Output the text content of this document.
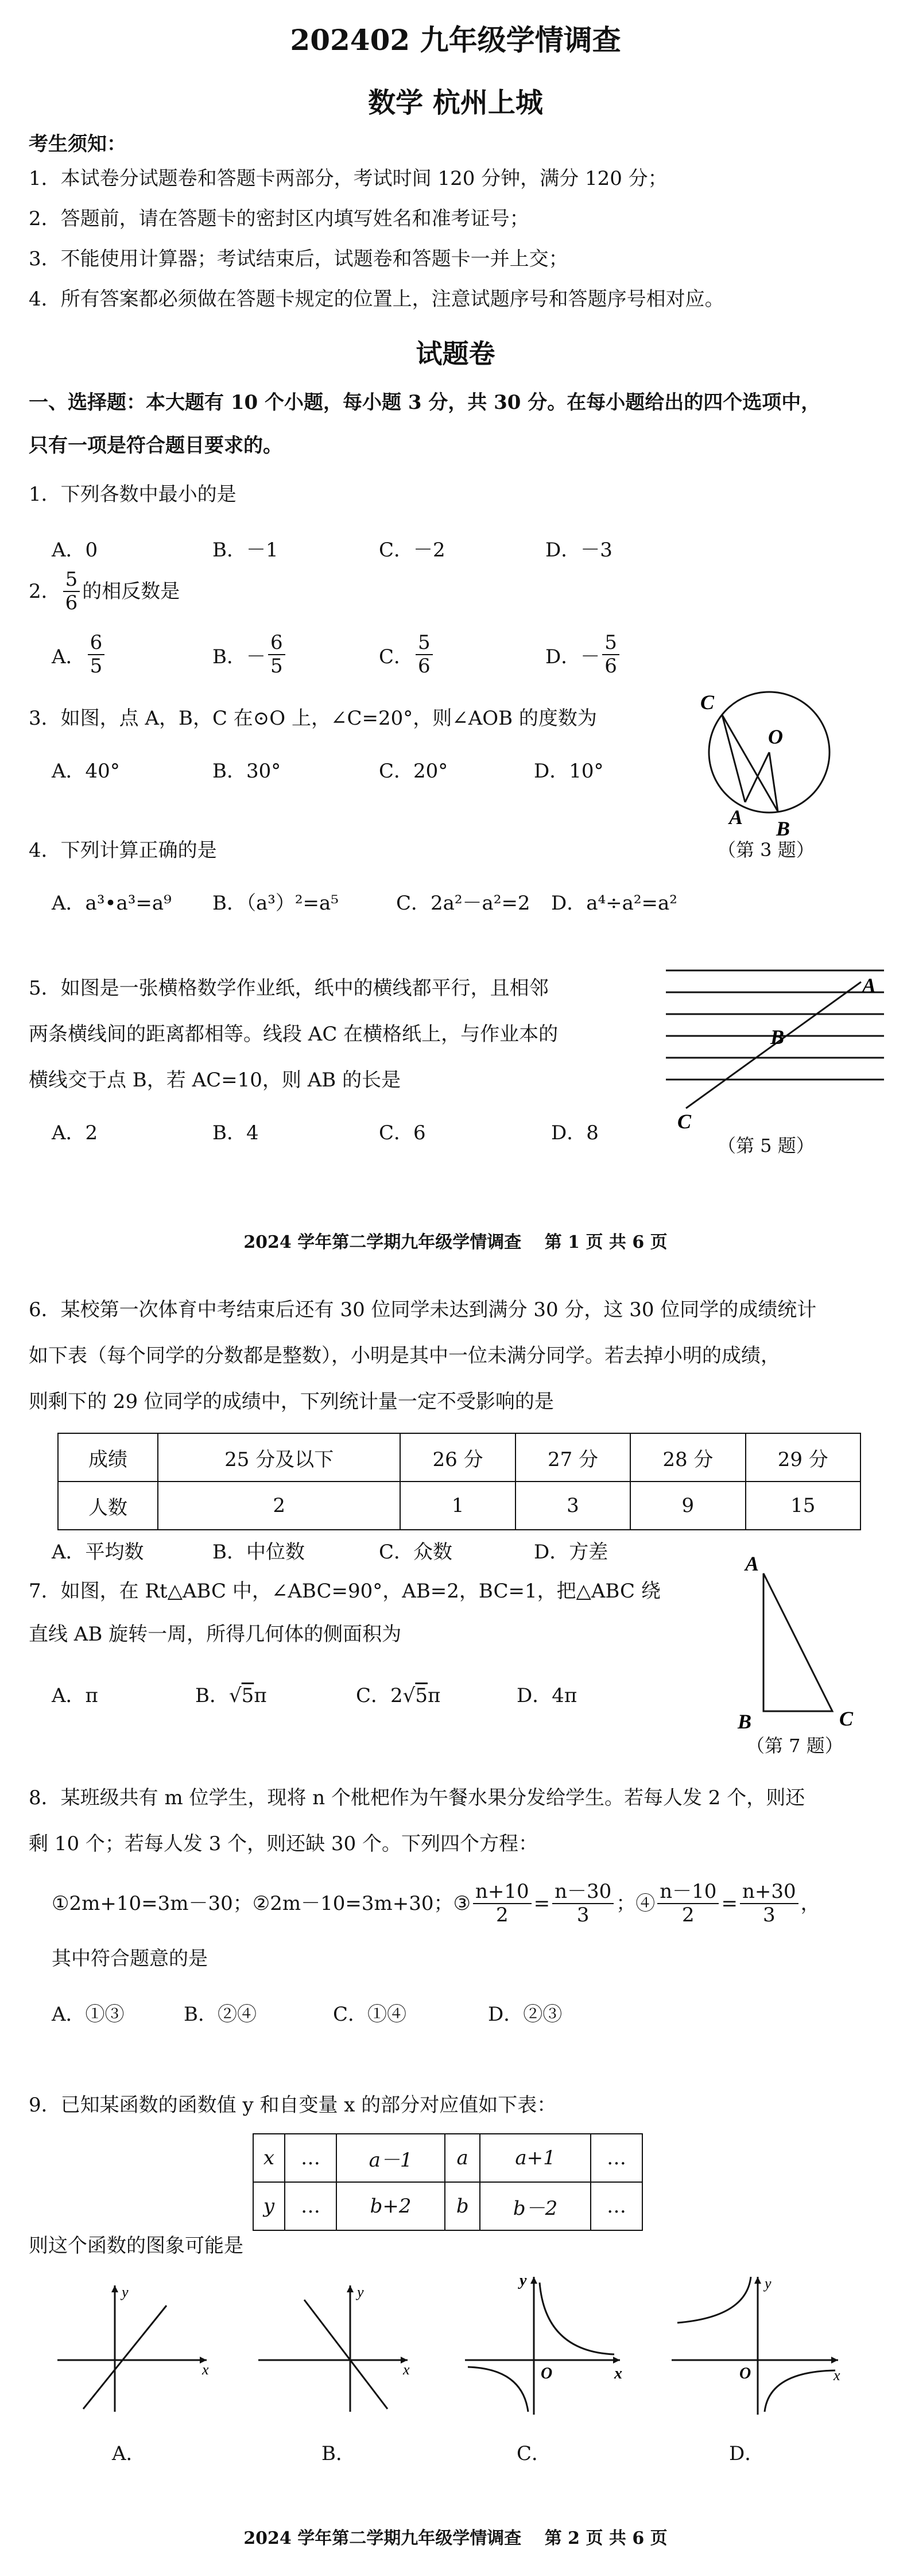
202402 九年级学情调查
数学 杭州上城
考生须知：
1．本试卷分试题卷和答题卡两部分，考试时间 120 分钟，满分 120 分；
2．答题前，请在答题卡的密封区内填写姓名和准考证号；
3．不能使用计算器；考试结束后，试题卷和答题卡一并上交；
4．所有答案都必须做在答题卡规定的位置上，注意试题序号和答题序号相对应。
试题卷
一、选择题：本大题有 10 个小题，每小题 3 分，共 30 分。在每小题给出的四个选项中，
只有一项是符合题目要求的。
1．下列各数中最小的是
A．0	B．－1	C．－2	D．－3
2． $\frac{5}{6}$ 的相反数是
A． $\frac{6}{5}$	B．－ $\frac{6}{5}$	C． $\frac{5}{6}$	D．－ $\frac{5}{6}$
3．如图，点 A，B，C 在⊙O 上，∠C=20°，则∠AOB 的度数为
A．40°	B．30°	C．20°	D．10°
C
O
A B
（第 3 题）
4．下列计算正确的是
A．a³•a³=a⁹ B．（a³）²=a⁵	C．2a²－a²=2 D．a⁴÷a²=a²
5．如图是一张横格数学作业纸，纸中的横线都平行，且相邻
两条横线间的距离都相等。线段 AC 在横格纸上，与作业本的
横线交于点 B，若 AC=10，则 AB 的长是
A．2	B．4	C．6	D．8
A
B
C
（第 5 题）
2024 学年第二学期九年级学情调查　 第 1 页 共 6 页
6．某校第一次体育中考结束后还有 30 位同学未达到满分 30 分，这 30 位同学的成绩统计
如下表（每个同学的分数都是整数），小明是其中一位未满分同学。若去掉小明的成绩，
则剩下的 29 位同学的成绩中，下列统计量一定不受影响的是
成绩	25 分及以下	26 分	27 分	28 分	29 分
人数	2	1	3	9	15
A．平均数	B．中位数	C．众数	D．方差
7．如图，在 Rt△ABC 中，∠ABC=90°，AB=2，BC=1，把△ABC 绕
直线 AB 旋转一周，所得几何体的侧面积为
A．π	B．√5π	C．2√5π	D．4π
A
B	C
（第 7 题）
8．某班级共有 m 位学生，现将 n 个枇杷作为午餐水果分发给学生。若每人发 2 个，则还
剩 10 个；若每人发 3 个，则还缺 30 个。下列四个方程：
①2m+10=3m－30；②2m－10=3m+30；③ $\frac{n+10}{2} = \frac{n-30}{3}$ ；④ $\frac{n-10}{2} = \frac{n+30}{3}$ ，
其中符合题意的是
A．①③	B．②④	C．①④	D．②③
9．已知某函数的函数值 y 和自变量 x 的部分对应值如下表：
x	…	a－1	a	a+1	…
y	…	b+2	b	b－2	…
则这个函数的图象可能是
y
x
A．
y
x
B．
y
x
O
C．
y
x
O
D．
2024 学年第二学期九年级学情调查　 第 2 页 共 6 页
